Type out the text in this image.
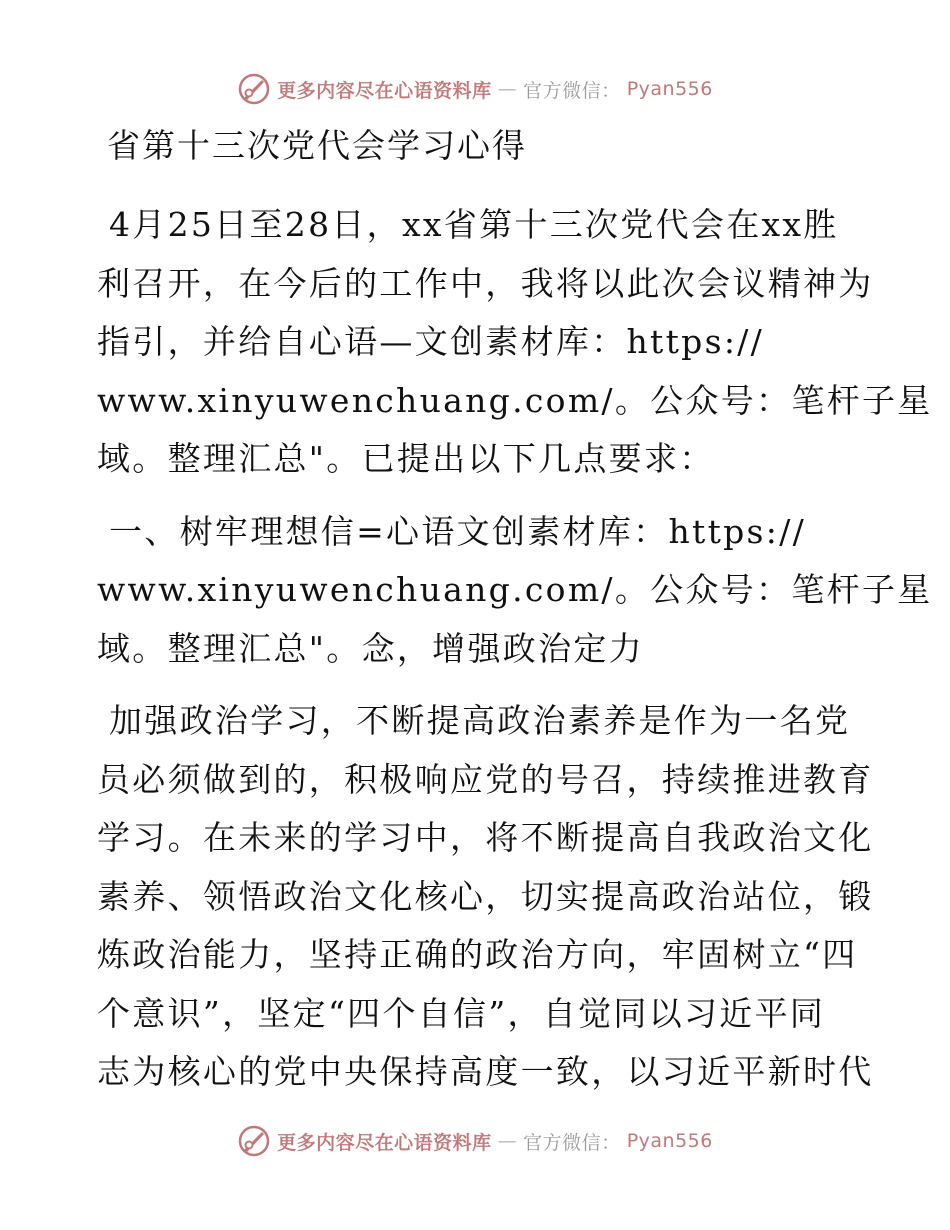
更多内容尽在心语资料库 — 官方微信： Pyan556
省第十三次党代会学习心得
4月25日至28日，xx省第十三次党代会在xx胜
利召开，在今后的工作中，我将以此次会议精神为
指引，并给自心语—文创素材库：https://
www.xinyuwenchuang.com/。公众号：笔杆子星
域。整理汇总"。已提出以下几点要求：
一、树牢理想信=心语文创素材库：https://
www.xinyuwenchuang.com/。公众号：笔杆子星
域。整理汇总"。念，增强政治定力
加强政治学习，不断提高政治素养是作为一名党
员必须做到的，积极响应党的号召，持续推进教育
学习。在未来的学习中，将不断提高自我政治文化
素养、领悟政治文化核心，切实提高政治站位，锻
炼政治能力，坚持正确的政治方向，牢固树立“四
个意识”，坚定“四个自信”，自觉同以习近平同
志为核心的党中央保持高度一致，以习近平新时代
更多内容尽在心语资料库 — 官方微信： Pyan556
